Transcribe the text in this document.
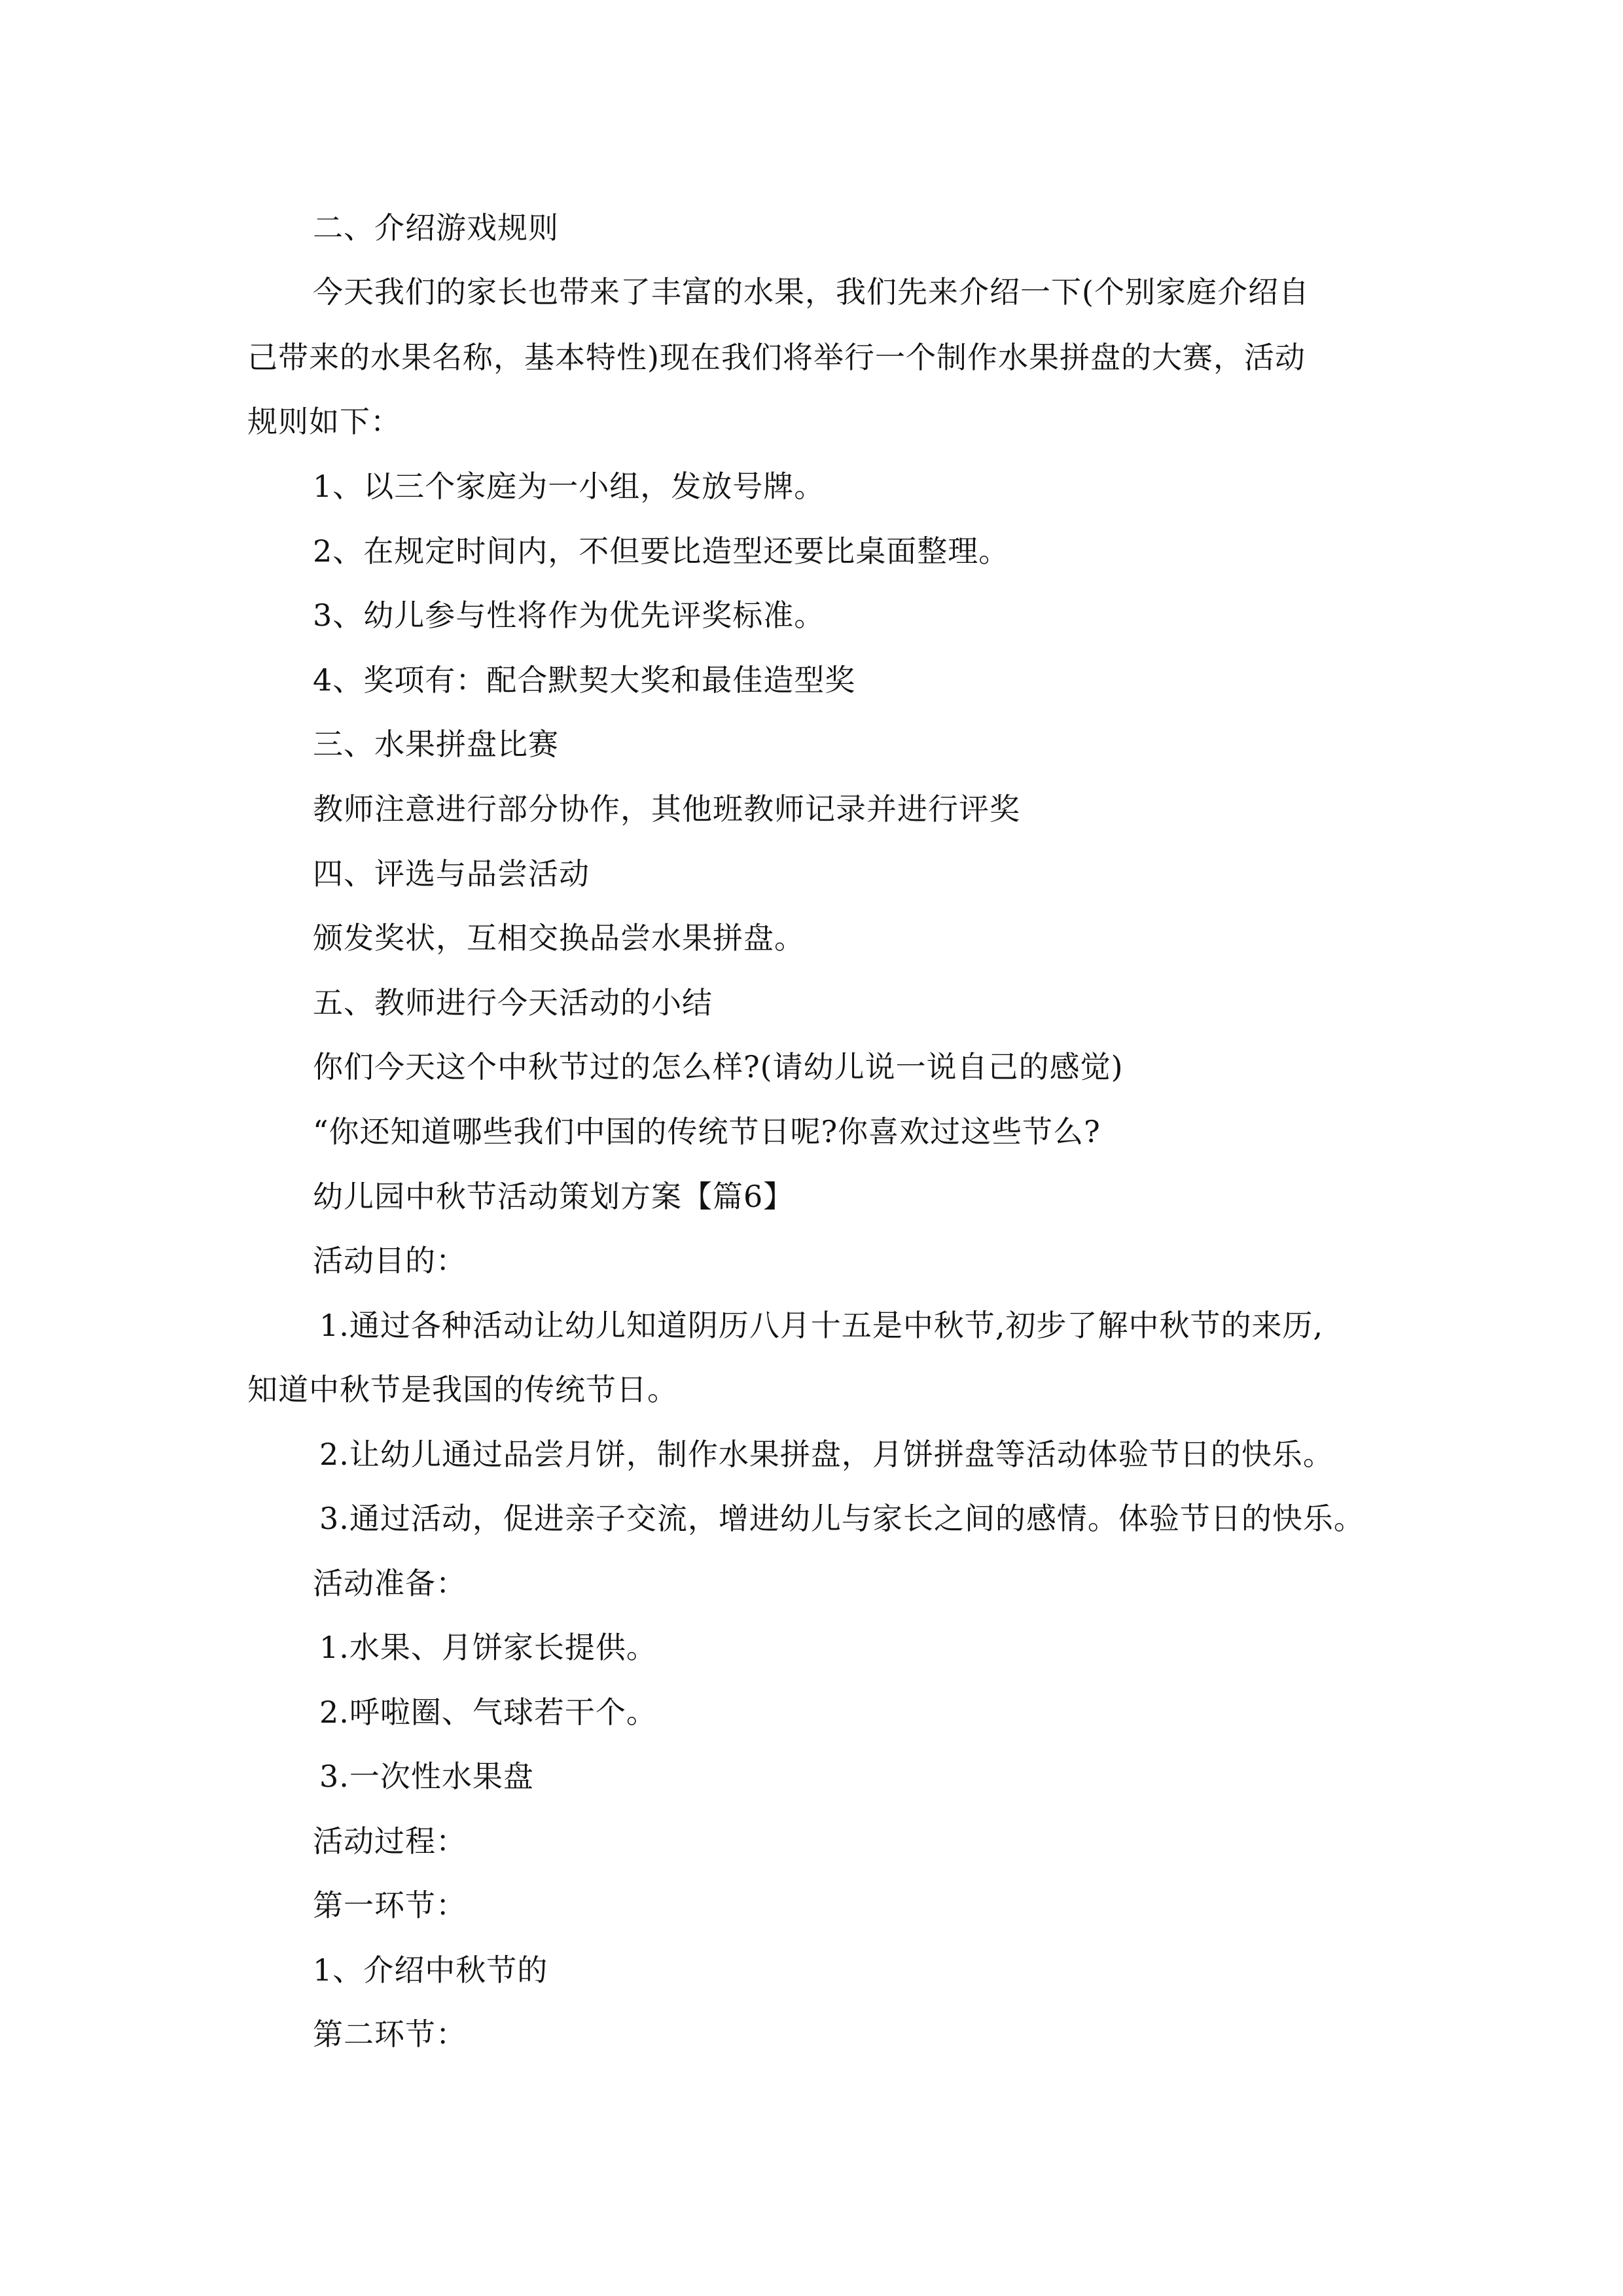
二、介绍游戏规则
今天我们的家长也带来了丰富的水果，我们先来介绍一下(个别家庭介绍自
己带来的水果名称，基本特性)现在我们将举行一个制作水果拼盘的大赛，活动
规则如下：
1、以三个家庭为一小组，发放号牌。
2、在规定时间内，不但要比造型还要比桌面整理。
3、幼儿参与性将作为优先评奖标准。
4、奖项有：配合默契大奖和最佳造型奖
三、水果拼盘比赛
教师注意进行部分协作，其他班教师记录并进行评奖
四、评选与品尝活动
颁发奖状，互相交换品尝水果拼盘。
五、教师进行今天活动的小结
你们今天这个中秋节过的怎么样?(请幼儿说一说自己的感觉)
“你还知道哪些我们中国的传统节日呢?你喜欢过这些节么?
幼儿园中秋节活动策划方案【篇6】
活动目的：
1.通过各种活动让幼儿知道阴历八月十五是中秋节,初步了解中秋节的来历,
知道中秋节是我国的传统节日。
2.让幼儿通过品尝月饼，制作水果拼盘，月饼拼盘等活动体验节日的快乐。
3.通过活动，促进亲子交流，增进幼儿与家长之间的感情。体验节日的快乐。
活动准备：
1.水果、月饼家长提供。
2.呼啦圈、气球若干个。
3.一次性水果盘
活动过程：
第一环节：
1、介绍中秋节的
第二环节：
